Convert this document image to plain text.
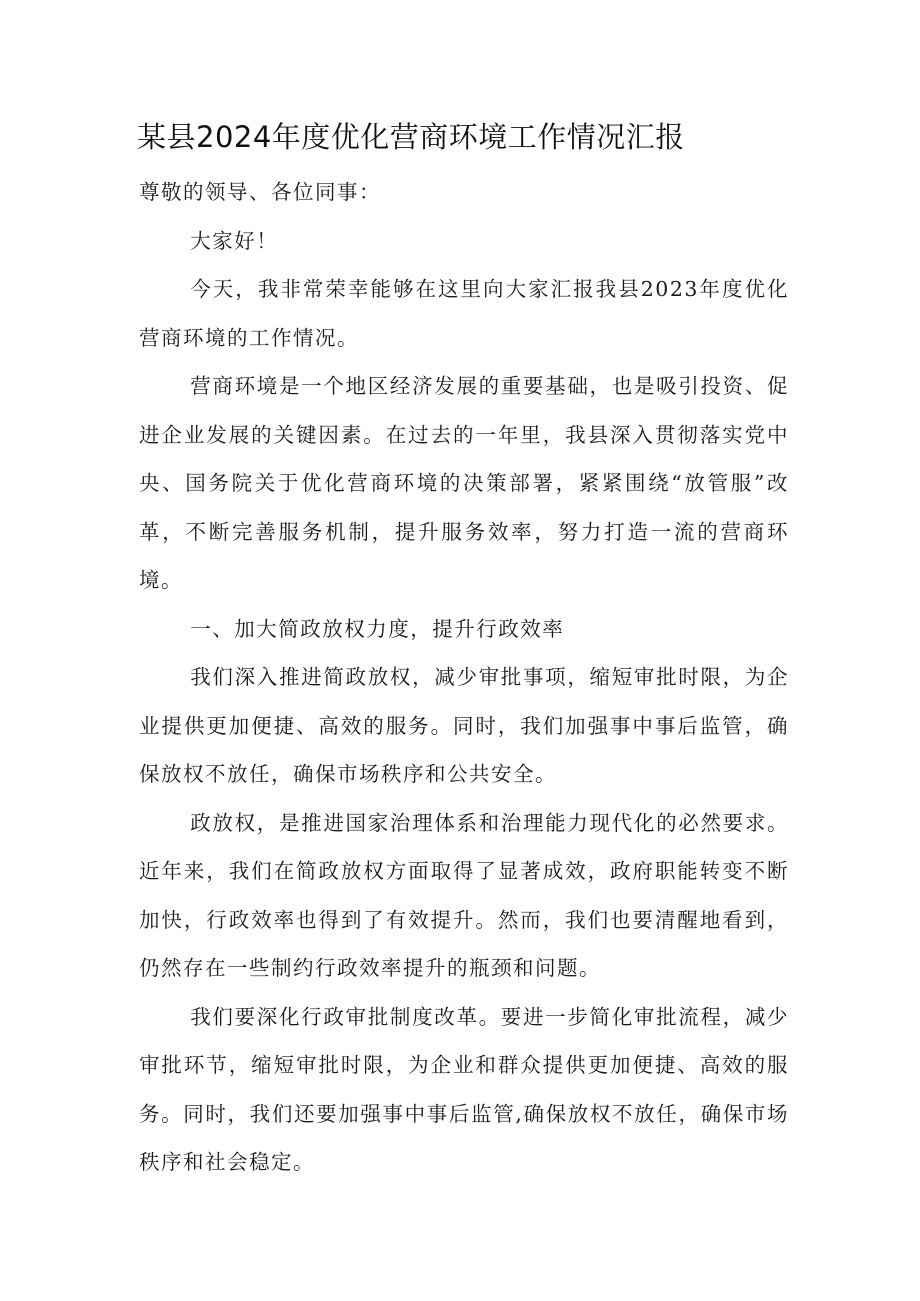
某县2024年度优化营商环境工作情况汇报

尊敬的领导、各位同事：

大家好！

今天，我非常荣幸能够在这里向大家汇报我县2023年度优化营商环境的工作情况。

营商环境是一个地区经济发展的重要基础，也是吸引投资、促进企业发展的关键因素。在过去的一年里，我县深入贯彻落实党中央、国务院关于优化营商环境的决策部署，紧紧围绕“放管服”改革，不断完善服务机制，提升服务效率，努力打造一流的营商环境。

一、加大简政放权力度，提升行政效率

我们深入推进简政放权，减少审批事项，缩短审批时限，为企业提供更加便捷、高效的服务。同时，我们加强事中事后监管，确保放权不放任，确保市场秩序和公共安全。

政放权，是推进国家治理体系和治理能力现代化的必然要求。近年来，我们在简政放权方面取得了显著成效，政府职能转变不断加快，行政效率也得到了有效提升。然而，我们也要清醒地看到，仍然存在一些制约行政效率提升的瓶颈和问题。

我们要深化行政审批制度改革。要进一步简化审批流程，减少审批环节，缩短审批时限，为企业和群众提供更加便捷、高效的服务。同时，我们还要加强事中事后监管,确保放权不放任，确保市场秩序和社会稳定。
